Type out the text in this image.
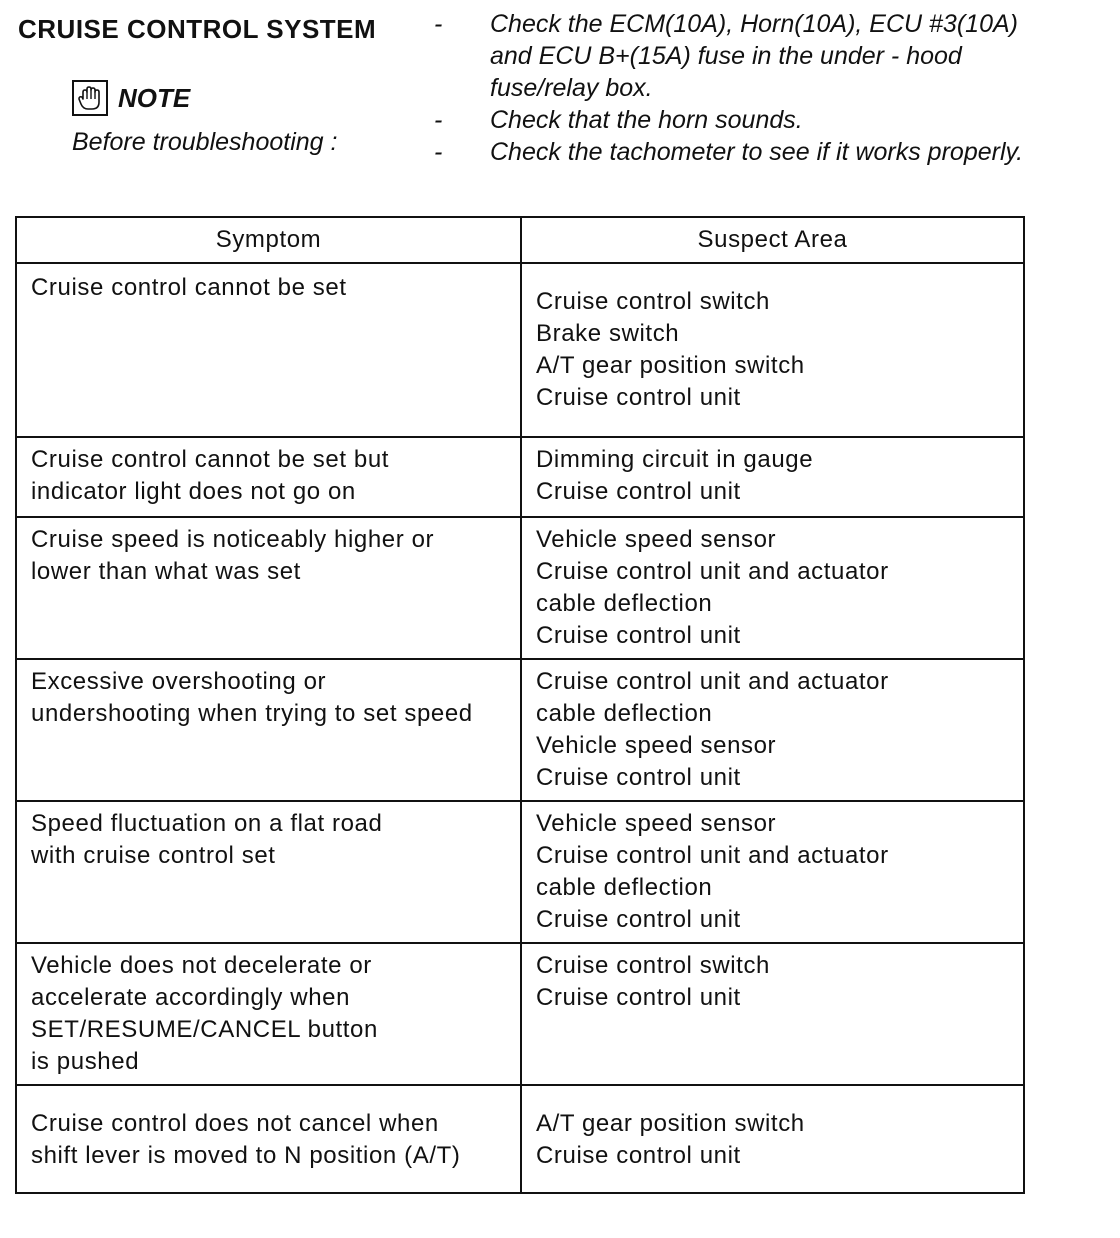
CRUISE CONTROL SYSTEM
NOTE
Before troubleshooting :
-	Check the ECM(10A), Horn(10A), ECU #3(10A)
and ECU B+(15A) fuse in the under - hood
fuse/relay box.
-	Check that the horn sounds.
-	Check the tachometer to see if it works properly.
Symptom	Suspect Area

Cruise control cannot be set	Cruise control switch
Brake switch
A/T gear position switch
Cruise control unit

Cruise control cannot be set but
indicator light does not go on	Dimming circuit in gauge
Cruise control unit

Cruise speed is noticeably higher or
lower than what was set	Vehicle speed sensor
Cruise control unit and actuator
cable deflection
Cruise control unit

Excessive overshooting or
undershooting when trying to set speed	Cruise control unit and actuator
cable deflection
Vehicle speed sensor
Cruise control unit

Speed fluctuation on a flat road
with cruise control set	Vehicle speed sensor
Cruise control unit and actuator
cable deflection
Cruise control unit

Vehicle does not decelerate or
accelerate accordingly when
SET/RESUME/CANCEL button
is pushed	Cruise control switch
Cruise control unit

Cruise control does not cancel when
shift lever is moved to N position (A/T)	A/T gear position switch
Cruise control unit
